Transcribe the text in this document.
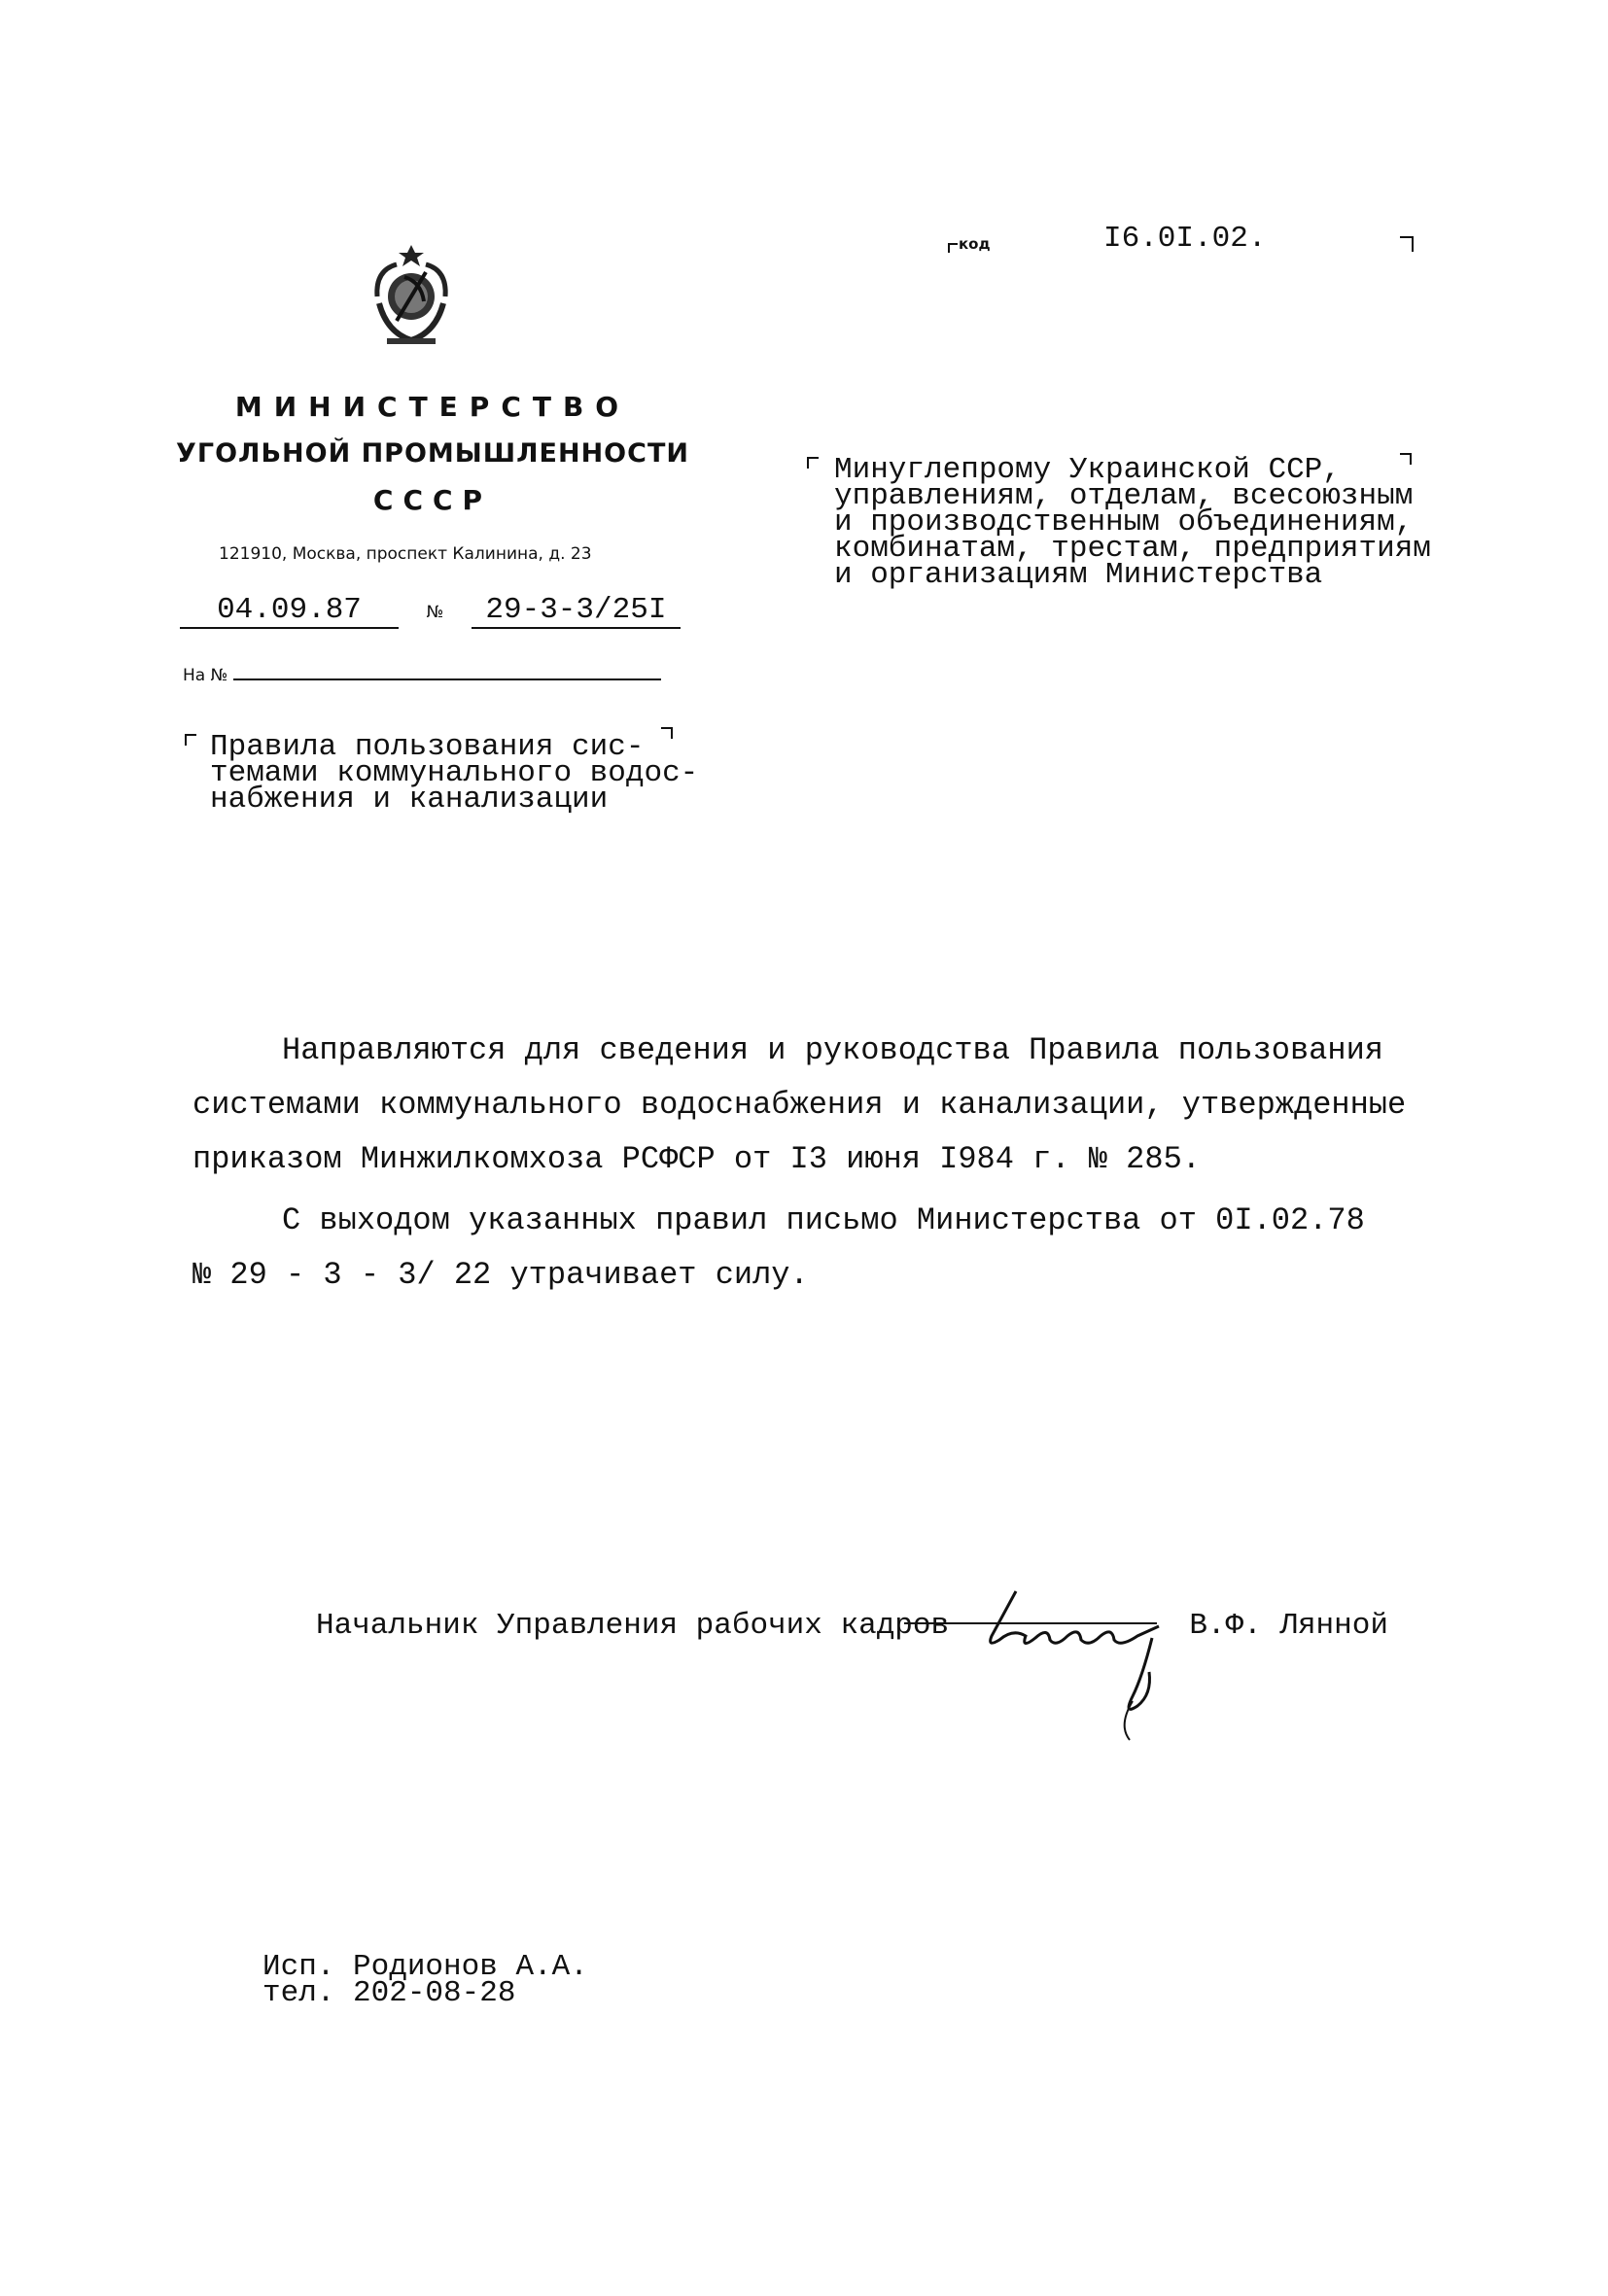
код	I6.0I.02.
МИНИСТЕРСТВО
УГОЛЬНОЙ ПРОМЫШЛЕННОСТИ
СССР
121910, Москва, проспект Калинина, д. 23
04.09.87	№ 29-3-3/25I
На №
Минуглепрому Украинской ССР,
управлениям, отделам, всесоюзным
и производственным объединениям,
комбинатам, трестам, предприятиям
и организациям Министерства
Правила пользования сис-
темами коммунального водос-
набжения и канализации
Направляются для сведения и руководства Правила пользования
системами коммунального водоснабжения и канализации, утвержденные
приказом Минжилкомхоза РСФСР от I3 июня I984 г. № 285.
С выходом указанных правил письмо Министерства от 0I.02.78
№ 29 - 3 - 3/ 22 утрачивает силу.
Начальник Управления рабочих кадров	В.Ф. Лянной
Исп. Родионов А.А.
тел. 202-08-28
